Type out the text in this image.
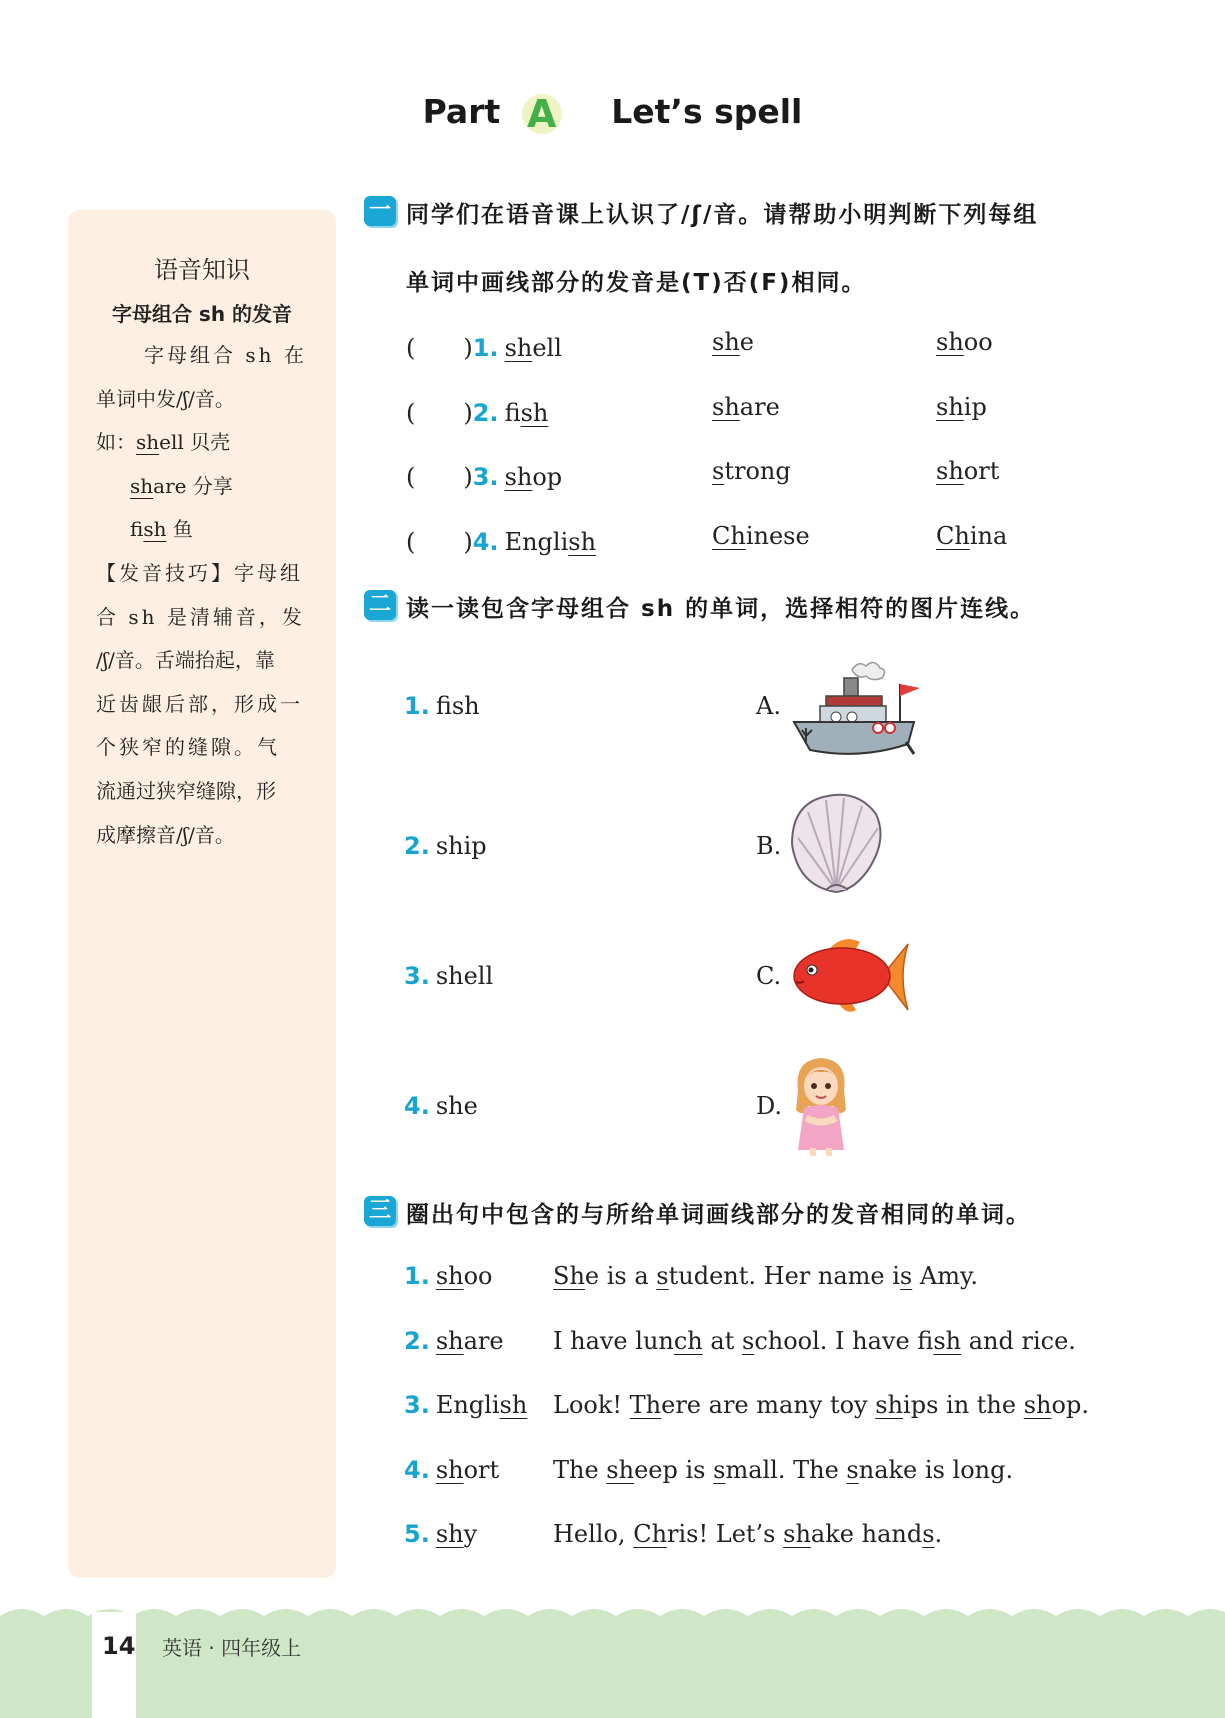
Part A Let’s spell
语音知识
字母组合 sh 的发音
字母组合 sh 在
单词中发/ʃ/音。
如：shell 贝壳
share 分享
fish 鱼
【发音技巧】字母组
合 sh 是清辅音，发
/ʃ/音。舌端抬起，靠
近齿龈后部，形成一
个狭窄的缝隙。气
流通过狭窄缝隙，形
成摩擦音/ʃ/音。
一 同学们在语音课上认识了/ʃ/音。请帮助小明判断下列每组
单词中画线部分的发音是(T)否(F)相同。
(　　)1. shell	she	shoo
(　　)2. fish	share	ship
(　　)3. shop	strong	short
(　　)4. English	Chinese	China
二 读一读包含字母组合 sh 的单词，选择相符的图片连线。
1. fish	A.
2. ship	B.
3. shell	C.
4. she	D.
三 圈出句中包含的与所给单词画线部分的发音相同的单词。
1. shoo	She is a student. Her name is Amy.
2. share I have lunch at school. I have fish and rice.
3. English Look! There are many toy ships in the shop.
4. short The sheep is small. The snake is long.
5. shy	Hello, Chris! Let’s shake hands.
14 英语 · 四年级上
